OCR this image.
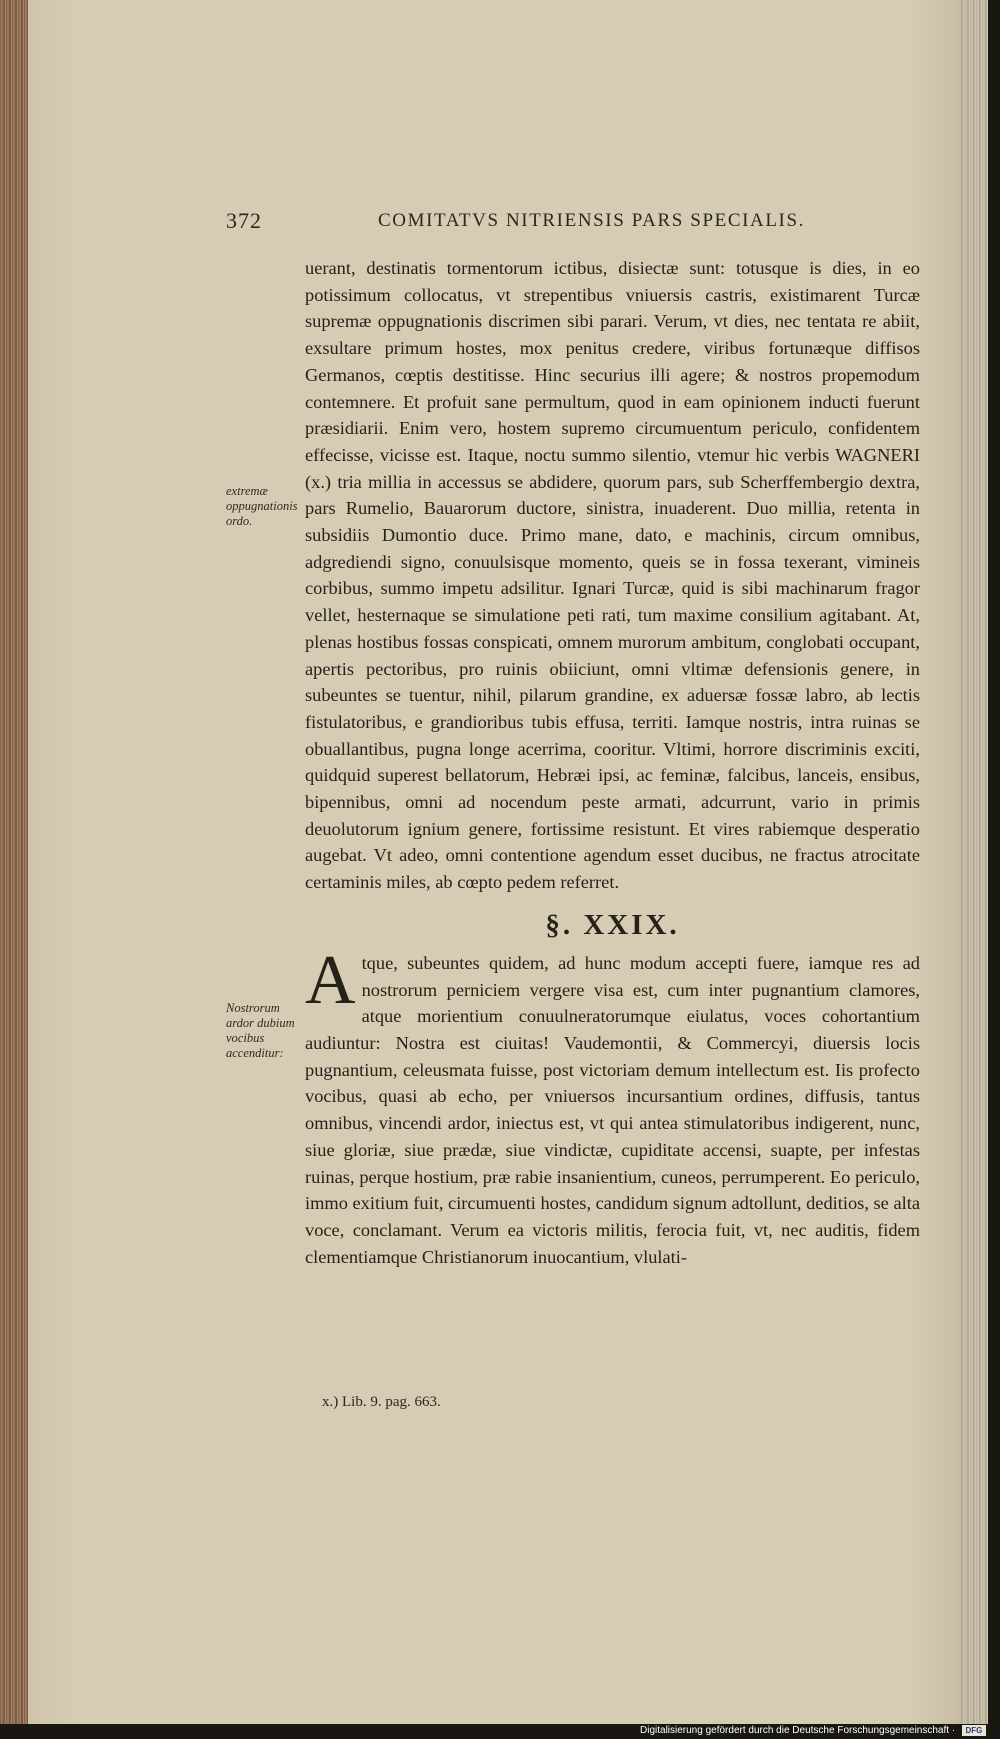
372	COMITATVS NITRIENSIS PARS SPECIALIS.
extremæ oppugnationis ordo.
Nostrorum ardor dubium vocibus accenditur:

uerant, destinatis tormentorum ictibus, disiectæ sunt: totusque is dies, in eo potissimum collocatus, vt strepentibus vniuersis castris, existimarent Turcæ supremæ oppugnationis discrimen sibi parari. Verum, vt dies, nec tentata re abiit, exsultare primum hostes, mox penitus credere, viribus fortunæque diffisos Germanos, cœptis destitisse. Hinc securius illi agere; & nostros propemodum contemnere. Et profuit sane permultum, quod in eam opinionem inducti fuerunt præsidiarii. Enim vero, hostem supremo circumuentum periculo, confidentem effecisse, vicisse est. Itaque, noctu summo silentio, vtemur hic verbis WAGNERI (x.) tria millia in accessus se abdidere, quorum pars, sub Scherffembergio dextra, pars Rumelio, Bauarorum ductore, sinistra, inuaderent. Duo millia, retenta in subsidiis Dumontio duce. Primo mane, dato, e machinis, circum omnibus, adgrediendi signo, conuulsisque momento, queis se in fossa texerant, vimineis corbibus, summo impetu adsilitur. Ignari Turcæ, quid is sibi machinarum fragor vellet, hesternaque se simulatione peti rati, tum maxime consilium agitabant. At, plenas hostibus fossas conspicati, omnem murorum ambitum, conglobati occupant, apertis pectoribus, pro ruinis obiiciunt, omni vltimæ defensionis genere, in subeuntes se tuentur, nihil, pilarum grandine, ex aduersæ fossæ labro, ab lectis fistulatoribus, e grandioribus tubis effusa, territi. Iamque nostris, intra ruinas se obuallantibus, pugna longe acerrima, cooritur. Vltimi, horrore discriminis exciti, quidquid superest bellatorum, Hebræi ipsi, ac feminæ, falcibus, lanceis, ensibus, bipennibus, omni ad nocendum peste armati, adcurrunt, vario in primis deuolutorum ignium genere, fortissime resistunt. Et vires rabiemque desperatio augebat. Vt adeo, omni contentione agendum esset ducibus, ne fractus atrocitate certaminis miles, ab cœpto pedem referret.

§. XXIX.

A tque, subeuntes quidem, ad hunc modum accepti fuere, iamque res ad nostrorum perniciem vergere visa est, cum inter pugnantium clamores, atque morientium conuulneratorumque eiulatus, voces cohortantium audiuntur: Nostra est ciuitas! Vaudemontii, & Commercyi, diuersis locis pugnantium, celeusmata fuisse, post victoriam demum intellectum est. Iis profecto vocibus, quasi ab echo, per vniuersos incursantium ordines, diffusis, tantus omnibus, vincendi ardor, iniectus est, vt qui antea stimulatoribus indigerent, nunc, siue gloriæ, siue prædæ, siue vindictæ, cupiditate accensi, suapte, per infestas ruinas, perque hostium, præ rabie insanientium, cuneos, perrumperent. Eo periculo, immo exitium fuit, circumuenti hostes, candidum signum adtollunt, deditios, se alta voce, conclamant. Verum ea victoris militis, ferocia fuit, vt, nec auditis, fidem clementiamque Christianorum inuocantium, vlulati-

x.) Lib. 9. pag. 663.
Digitalisierung gefördert durch die Deutsche Forschungsgemeinschaft · DFG
